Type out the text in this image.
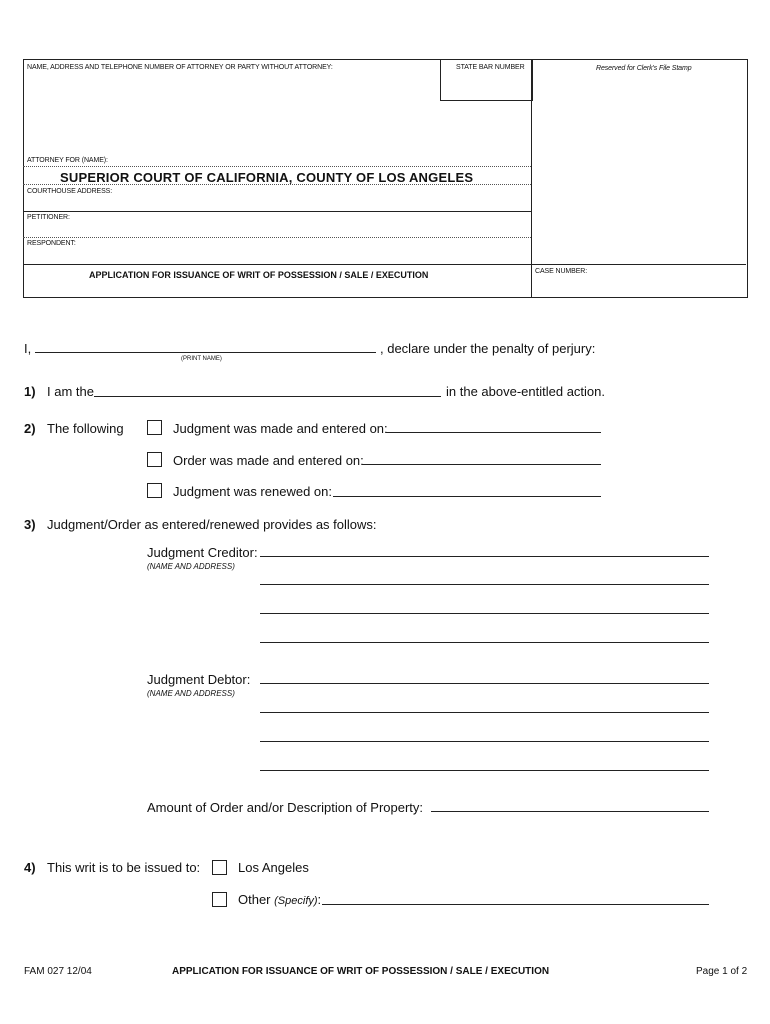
NAME, ADDRESS AND TELEPHONE NUMBER OF ATTORNEY OR PARTY WITHOUT ATTORNEY:	STATE BAR NUMBER	Reserved for Clerk's File Stamp
ATTORNEY FOR (NAME):
SUPERIOR COURT OF CALIFORNIA, COUNTY OF LOS ANGELES
COURTHOUSE ADDRESS:
PETITIONER:
RESPONDENT:
APPLICATION FOR ISSUANCE OF WRIT OF POSSESSION / SALE / EXECUTION	CASE NUMBER:
I,	, declare under the penalty of perjury:
(PRINT NAME)
1) I am the	in the above-entitled action.
2) The following	Judgment was made and entered on:
Order was made and entered on:
Judgment was renewed on:
3) Judgment/Order as entered/renewed provides as follows:
Judgment Creditor:
(NAME AND ADDRESS)
Judgment Debtor:
(NAME AND ADDRESS)
Amount of Order and/or Description of Property:
4) This writ is to be issued to:	Los Angeles
Other (Specify):
FAM 027 12/04	APPLICATION FOR ISSUANCE OF WRIT OF POSSESSION / SALE / EXECUTION	Page 1 of 2
